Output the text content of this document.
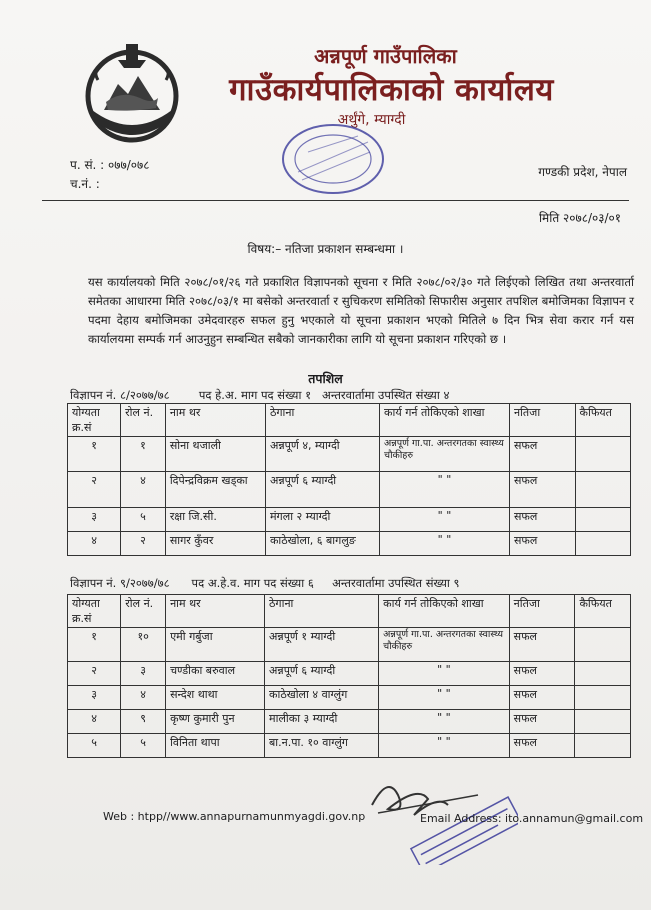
अन्नपूर्ण गाउँपालिका
गाउँकार्यपालिकाको कार्यालय
अर्थुंगे, म्याग्दी
प. सं. : ०७७/०७८
च.नं. :
गण्डकी प्रदेश, नेपाल
मिति २०७८/०३/०१
विषय:– नतिजा प्रकाशन सम्बन्धमा ।
यस कार्यालयको मिति २०७८/०१/२६ गते प्रकाशित विज्ञापनको सूचना र मिति २०७८/०२/३० गते लिईएको लिखित तथा अन्तरवार्ता समेतका आधारमा मिति २०७८/०३/१ मा बसेको अन्तरवार्ता र सुचिकरण समितिको सिफारीस अनुसार तपशिल बमोजिमका विज्ञापन र पदमा देहाय बमोजिमका उमेदवारहरु सफल हुनु भएकाले यो सूचना प्रकाशन भएको मितिले ७ दिन भित्र सेवा करार गर्न यस कार्यालयमा सम्पर्क गर्न आउनुहुन सम्बन्धित सबैको जानकारीका लागि यो सूचना प्रकाशन गरिएको छ ।
तपशिल
विज्ञापन नं. ८/२०७७/७८	पद हे.अ. माग पद संख्या १ अन्तरवार्तामा उपस्थित संख्या ४
योग्यता क्र.सं	रोल नं.	नाम थर	ठेगाना	कार्य गर्न तोकिएको शाखा	नतिजा	कैफियत
१	१	सोना थजाली	अन्नपूर्ण ४, म्याग्दी	अन्नपूर्ण गा.पा. अन्तरगतका स्वास्थ्य चौकीहरु	सफल	
२	४	दिपेन्द्रविक्रम खड्का	अन्नपूर्ण ६ म्याग्दी	" "	सफल	
३	५	रक्षा जि.सी.	मंगला २ म्याग्दी	" "	सफल	
४	२	सागर कुँवर	काठेखोला, ६ बागलुङ	" "	सफल	
विज्ञापन नं. ९/२०७७/७८ पद अ.हे.व. माग पद संख्या ६ अन्तरवार्तामा उपस्थित संख्या ९
योग्यता क्र.सं	रोल नं.	नाम थर	ठेगाना	कार्य गर्न तोकिएको शाखा	नतिजा	कैफियत
१	१०	एमी गर्बुजा	अन्नपूर्ण १ म्याग्दी	अन्नपूर्ण गा.पा. अन्तरगतका स्वास्थ्य चौकीहरु	सफल	
२	३	चण्डीका बरुवाल	अन्नपूर्ण ६ म्याग्दी	" "	सफल	
३	४	सन्देश थाथा	काठेखोला ४ वाग्लुंग	" "	सफल	
४	९	कृष्ण कुमारी पुन	मालीका ३ म्याग्दी	" "	सफल	
५	५	विनिता थापा	बा.न.पा. १० वाग्लुंग	" "	सफल	
Web : htpp//www.annapurnamunmyagdi.gov.np	Email Address: ito.annamun@gmail.com
